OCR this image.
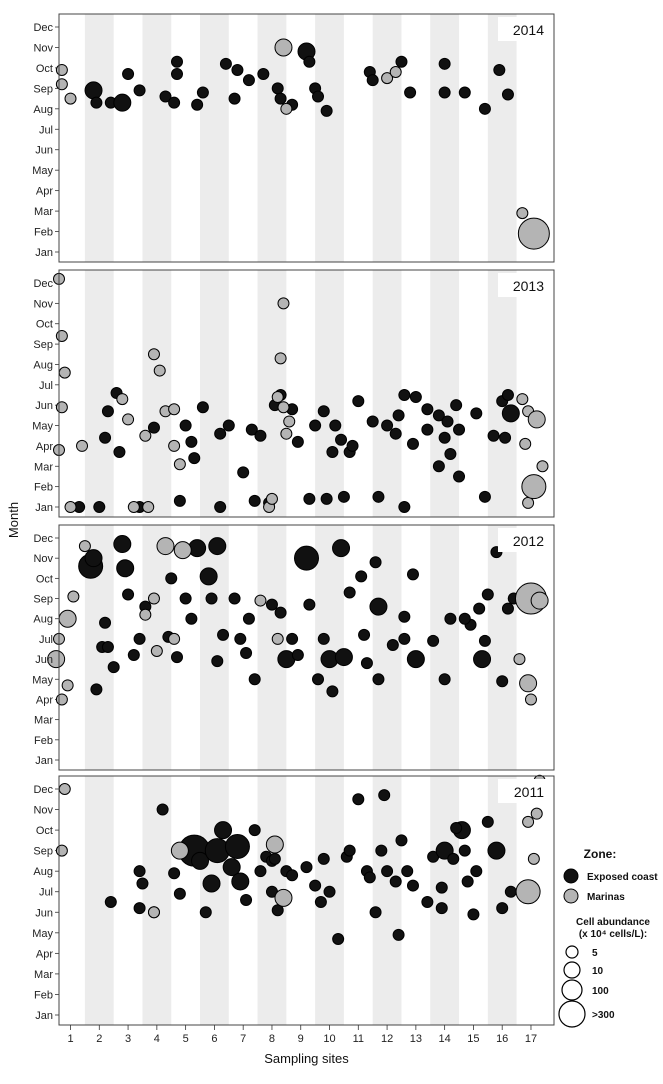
Jan
Feb
Mar
Apr
May
Jun
Jul
Aug
Sep
Oct
Nov
Dec	2014
Jan
Feb
Mar
Apr
May
Jun
Jul
Aug
Sep
Oct
Nov
Dec	2013
Jan
Feb
Mar
Apr
May
Jun
Jul
Aug
Sep
Oct
Nov
Dec	2012
Jan
Feb
Mar
Apr
May
Jun
Jul
Aug
Sep
Oct
Nov
Dec	2011
1 2 3 4 5 6 7 8 9 10 11 12 13 14 15 16 17
Sampling sites
Month
Zone:
Exposed coast
Marinas
Cell abundance
(x 10⁴ cells/L):
5
10
100
>300
